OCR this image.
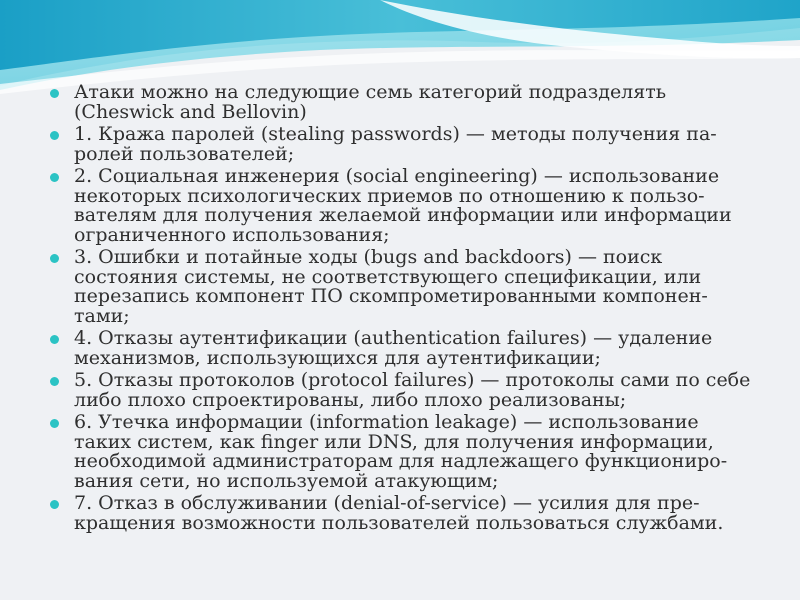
Атаки можно на следующие семь категорий подразделять
(Cheswick and Bellovin)
1. Кража паролей (stealing passwords) — методы получения па-
ролей пользователей;
2. Социальная инженерия (social engineering) — использование
некоторых психологических приемов по отношению к пользо-
вателям для получения желаемой информации или информации
ограниченного использования;
3. Ошибки и потайные ходы (bugs and backdoors) — поиск
состояния системы, не соответствующего спецификации, или
перезапись компонент ПО скомпрометированными компонен-
тами;
4. Отказы аутентификации (authentication failures) — удаление
механизмов, использующихся для аутентификации;
5. Отказы протоколов (protocol failures) — протоколы сами по себе
либо плохо спроектированы, либо плохо реализованы;
6. Утечка информации (information leakage) — использование
таких систем, как finger или DNS, для получения информации,
необходимой администраторам для надлежащего функциониро-
вания сети, но используемой атакующим;
7. Отказ в обслуживании (denial-of-service) — усилия для пре-
кращения возможности пользователей пользоваться службами.
